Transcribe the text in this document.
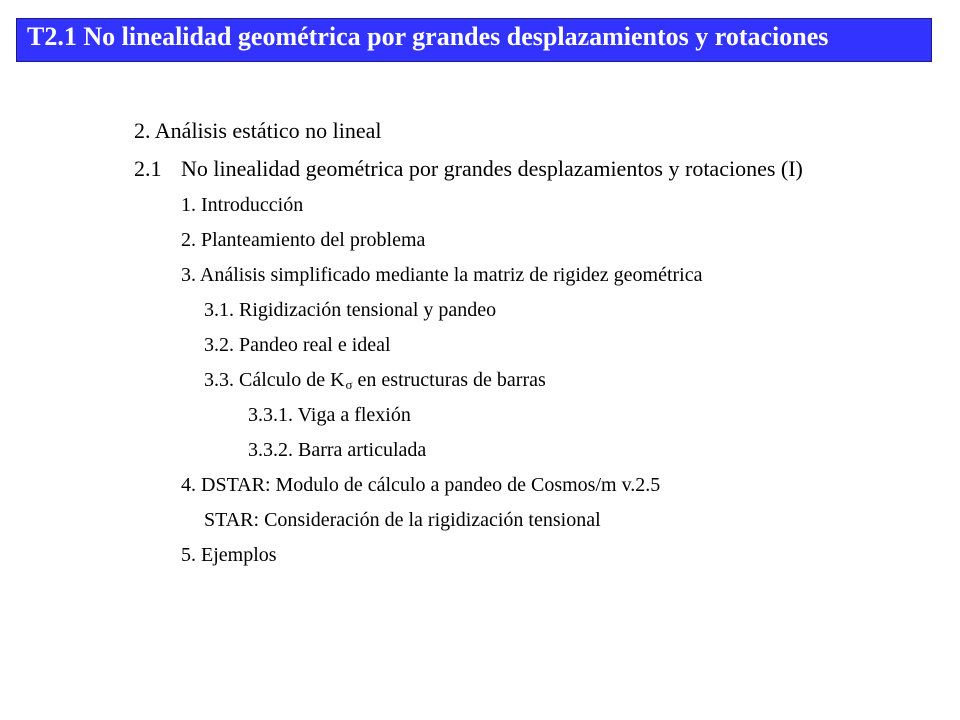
T2.1 No linealidad geométrica por grandes desplazamientos y rotaciones
2. Análisis estático no lineal
2.1 No linealidad geométrica por grandes desplazamientos y rotaciones (I)
1. Introducción
2. Planteamiento del problema
3. Análisis simplificado mediante la matriz de rigidez geométrica
3.1. Rigidización tensional y pandeo
3.2. Pandeo real e ideal
3.3. Cálculo de $K_\sigma$ en estructuras de barras
3.3.1. Viga a flexión
3.3.2. Barra articulada
4. DSTAR: Modulo de cálculo a pandeo de Cosmos/m v.2.5
STAR: Consideración de la rigidización tensional
5. Ejemplos
